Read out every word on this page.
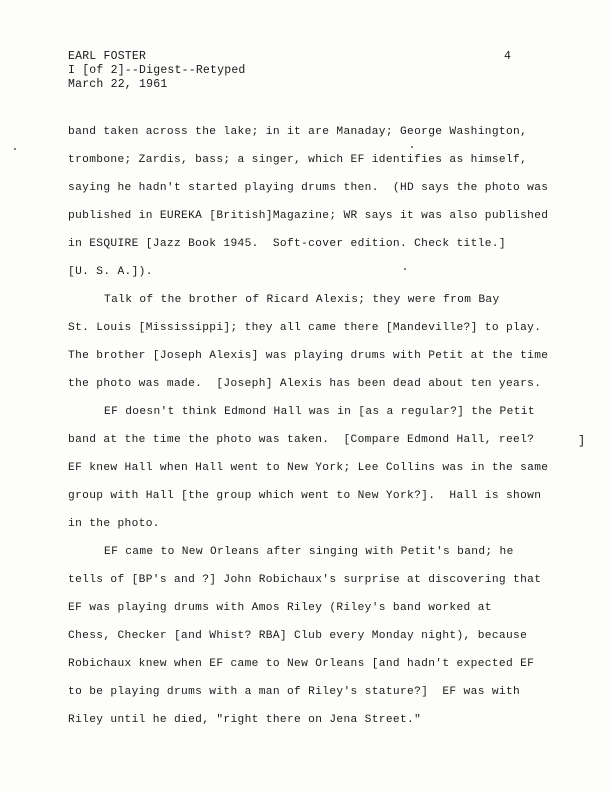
EARL FOSTER
I [of 2]--Digest--Retyped
March 22, 1961
4
band taken across the lake; in it are Manaday; George Washington,
trombone; Zardis, bass; a singer, which EF identifies as himself,
saying he hadn't started playing drums then.  (HD says the photo was
published in EUREKA [British]Magazine; WR says it was also published
in ESQUIRE [Jazz Book 1945.  Soft-cover edition. Check title.]
[U. S. A.]).
Talk of the brother of Ricard Alexis; they were from Bay
St. Louis [Mississippi]; they all came there [Mandeville?] to play.
The brother [Joseph Alexis] was playing drums with Petit at the time
the photo was made.  [Joseph] Alexis has been dead about ten years.
EF doesn't think Edmond Hall was in [as a regular?] the Petit
band at the time the photo was taken.  [Compare Edmond Hall, reel?
EF knew Hall when Hall went to New York; Lee Collins was in the same
group with Hall [the group which went to New York?].  Hall is shown
in the photo.
EF came to New Orleans after singing with Petit's band; he
tells of [BP's and ?] John Robichaux's surprise at discovering that
EF was playing drums with Amos Riley (Riley's band worked at
Chess, Checker [and Whist? RBA] Club every Monday night), because
Robichaux knew when EF came to New Orleans [and hadn't expected EF
to be playing drums with a man of Riley's stature?]  EF was with
Riley until he died, "right there on Jena Street."
]
